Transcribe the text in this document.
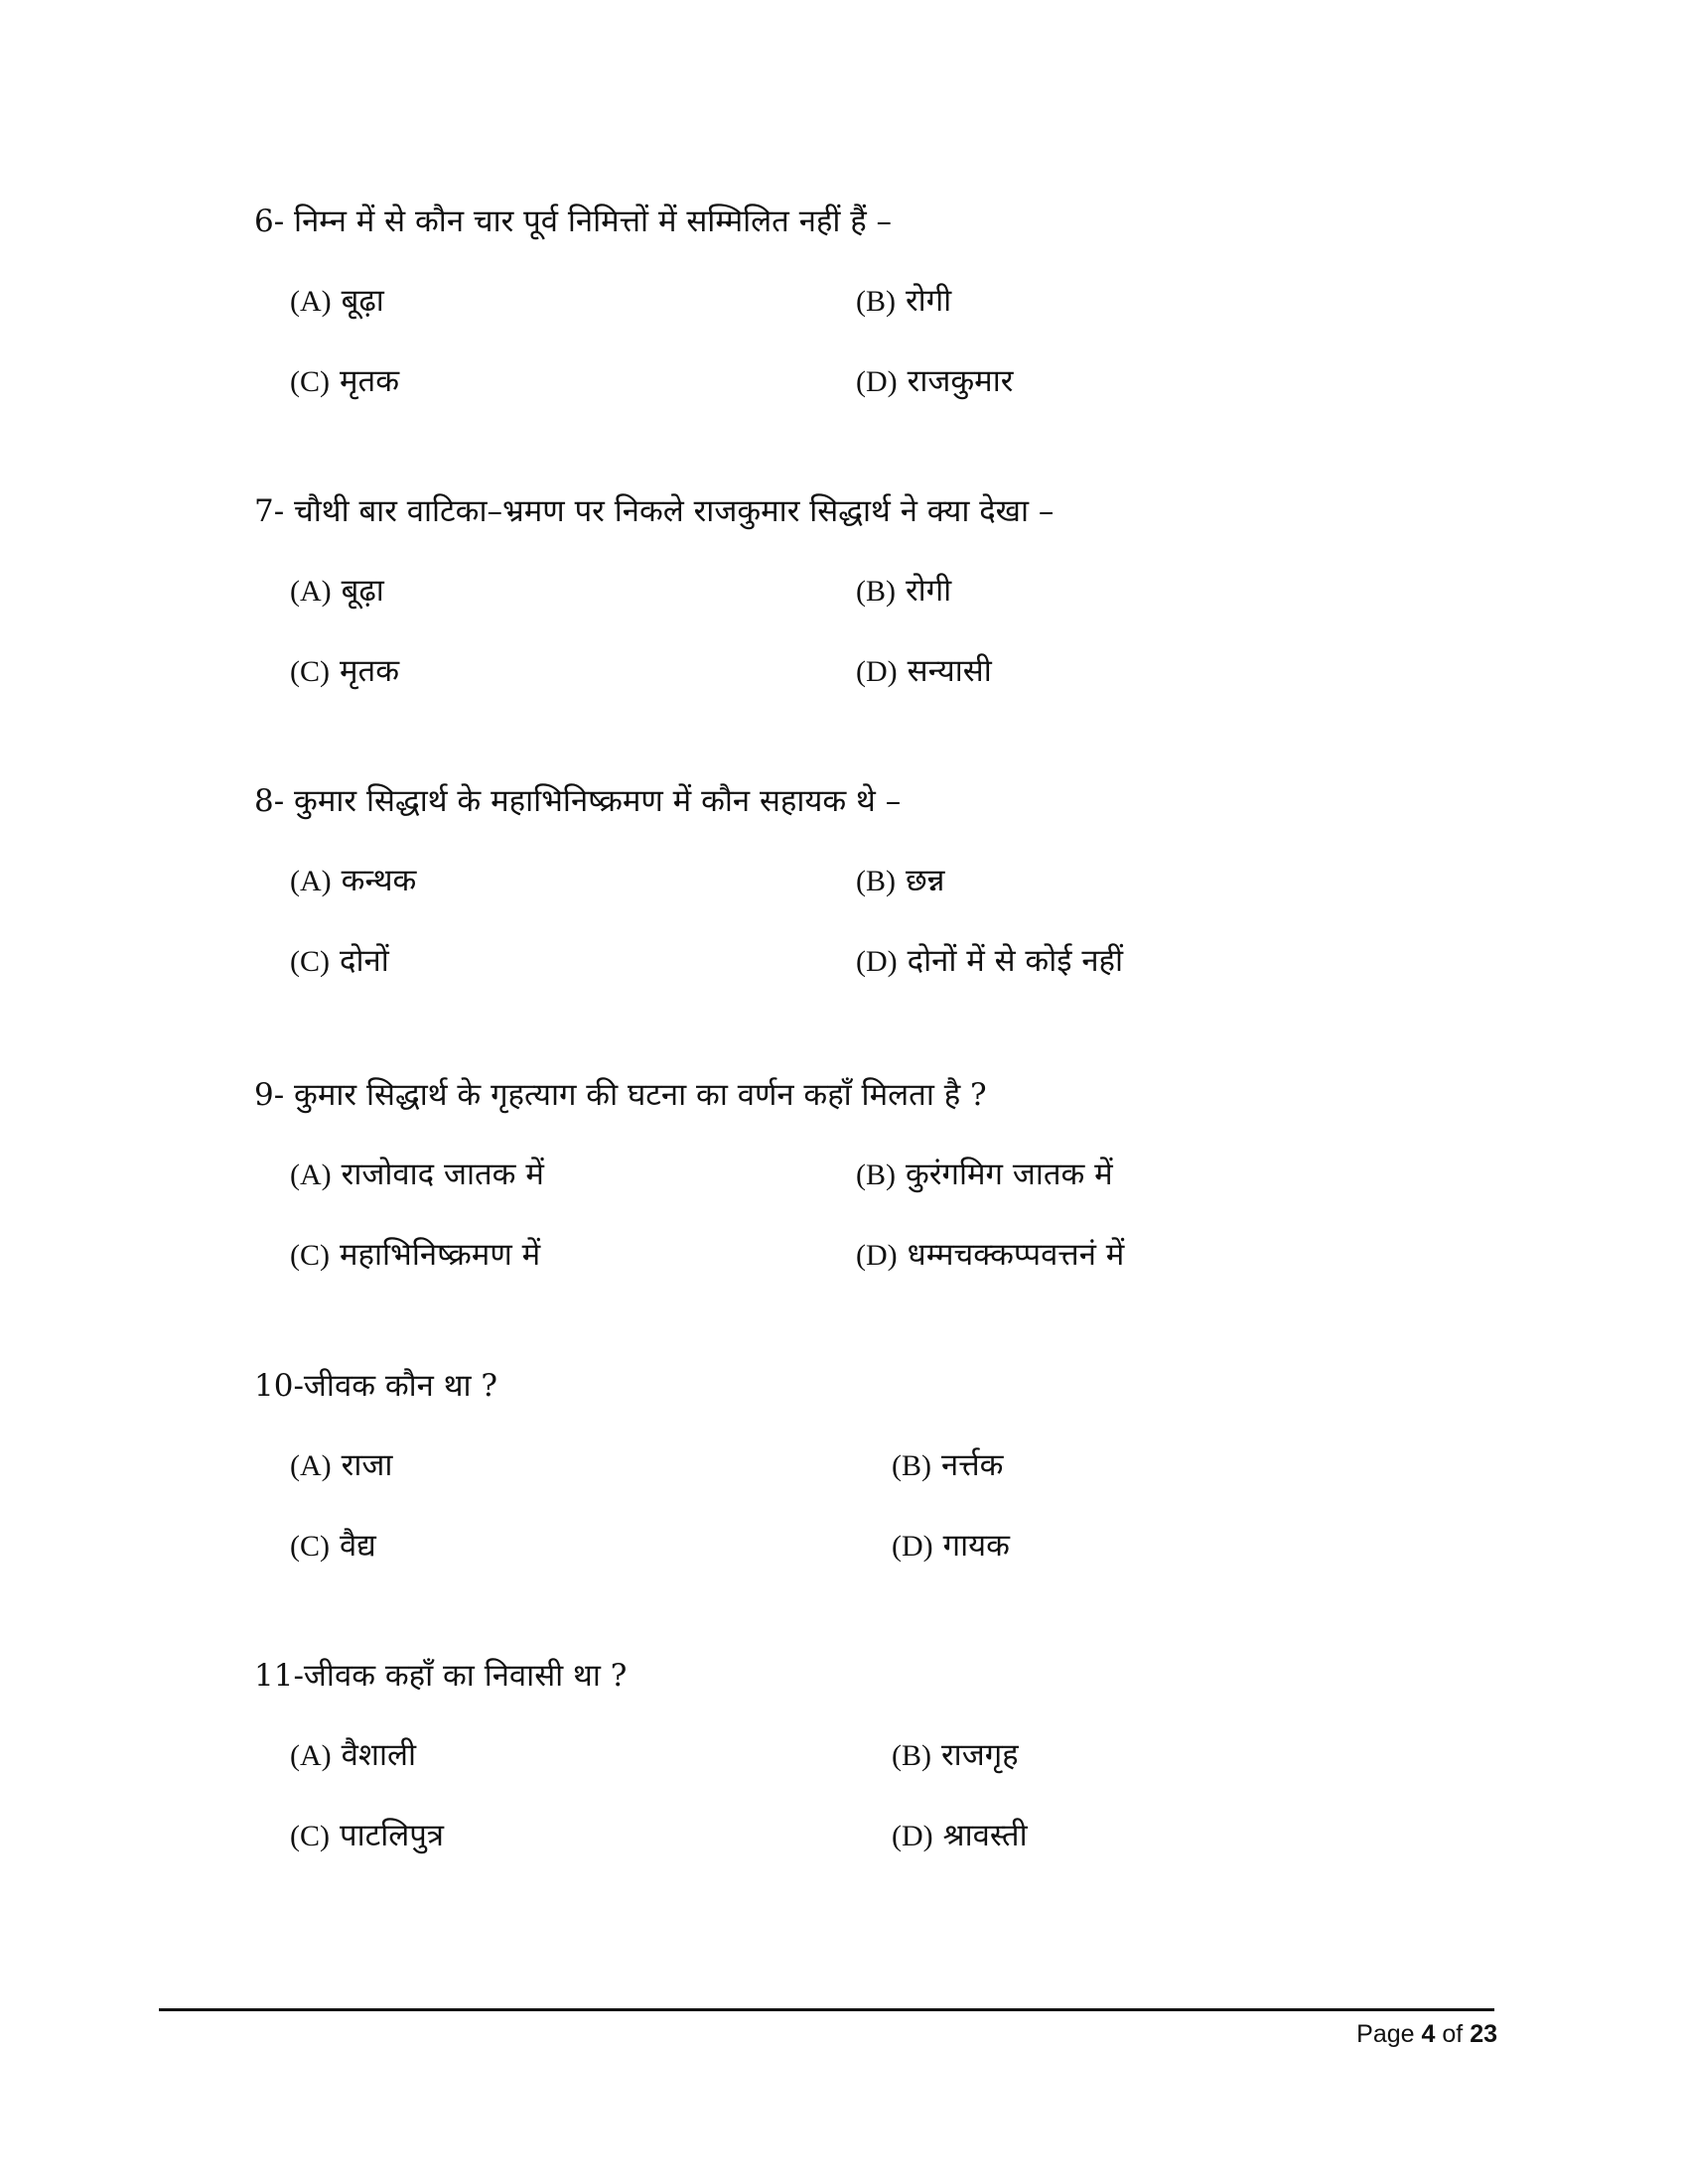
6- निम्न में से कौन चार पूर्व निमित्तों में सम्मिलित नहीं हैं –
(A) बूढ़ा	(B) रोगी
(C) मृतक	(D) राजकुमार
7- चौथी बार वाटिका–भ्रमण पर निकले राजकुमार सिद्धार्थ ने क्या देखा –
(A) बूढ़ा	(B) रोगी
(C) मृतक	(D) सन्यासी
8- कुमार सिद्धार्थ के महाभिनिष्क्रमण में कौन सहायक थे –
(A) कन्थक	(B) छन्न
(C) दोनों	(D) दोनों में से कोई नहीं
9- कुमार सिद्धार्थ के गृहत्याग की घटना का वर्णन कहाँ मिलता है ?
(A) राजोवाद जातक में	(B) कुरंगमिग जातक में
(C) महाभिनिष्क्रमण में	(D) धम्मचक्कप्पवत्तनं में
10-जीवक कौन था ?
(A) राजा	(B) नर्त्तक
(C) वैद्य	(D) गायक
11-जीवक कहाँ का निवासी था ?
(A) वैशाली	(B) राजगृह
(C) पाटलिपुत्र	(D) श्रावस्ती
Page 4 of 23
